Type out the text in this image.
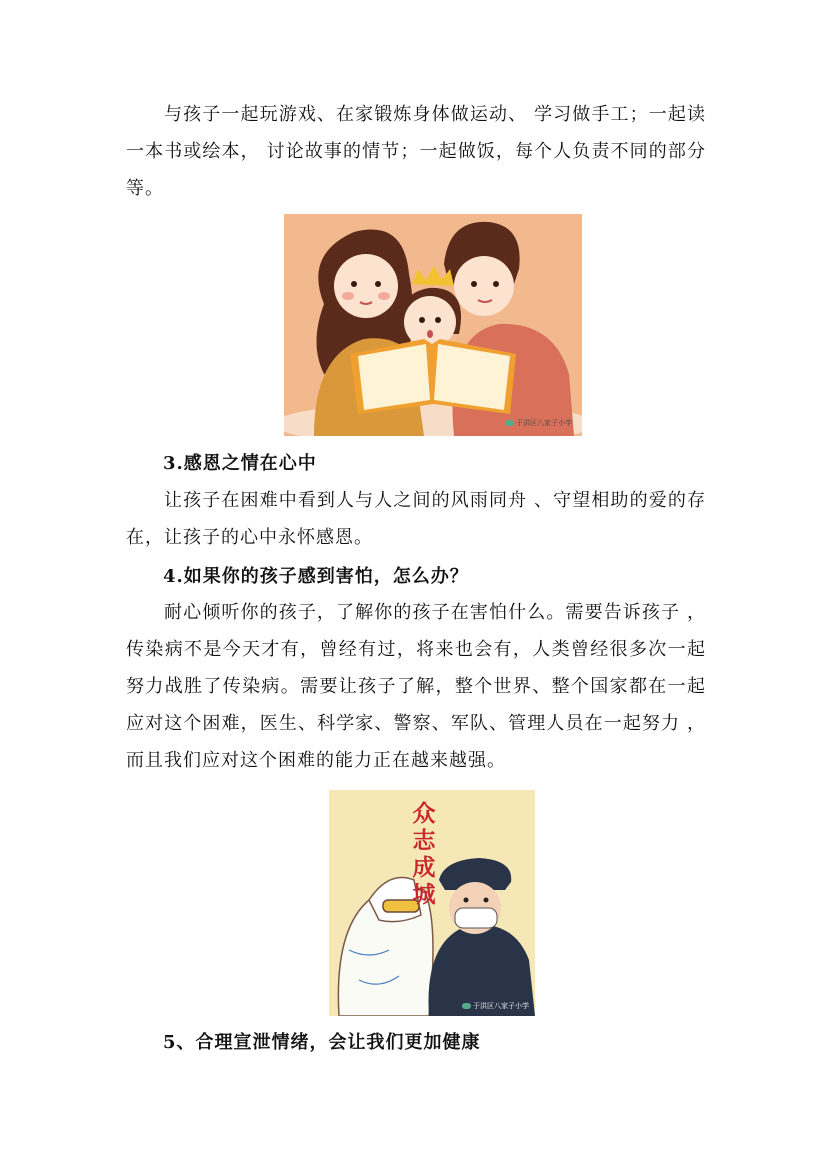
与孩子一起玩游戏、在家锻炼身体做运动、 学习做手工；一起读一本书或绘本， 讨论故事的情节；一起做饭，每个人负责不同的部分等。

于洪区八家子小学

3.感恩之情在心中

让孩子在困难中看到人与人之间的风雨同舟 、守望相助的爱的存在，让孩子的心中永怀感恩。

4.如果你的孩子感到害怕，怎么办？

耐心倾听你的孩子，了解你的孩子在害怕什么。需要告诉孩子 ，传染病不是今天才有，曾经有过，将来也会有，人类曾经很多次一起努力战胜了传染病。需要让孩子了解，整个世界、整个国家都在一起应对这个困难，医生、科学家、警察、军队、管理人员在一起努力 ，而且我们应对这个困难的能力正在越来越强。

众志成城
于洪区八家子小学

5、合理宣泄情绪，会让我们更加健康
